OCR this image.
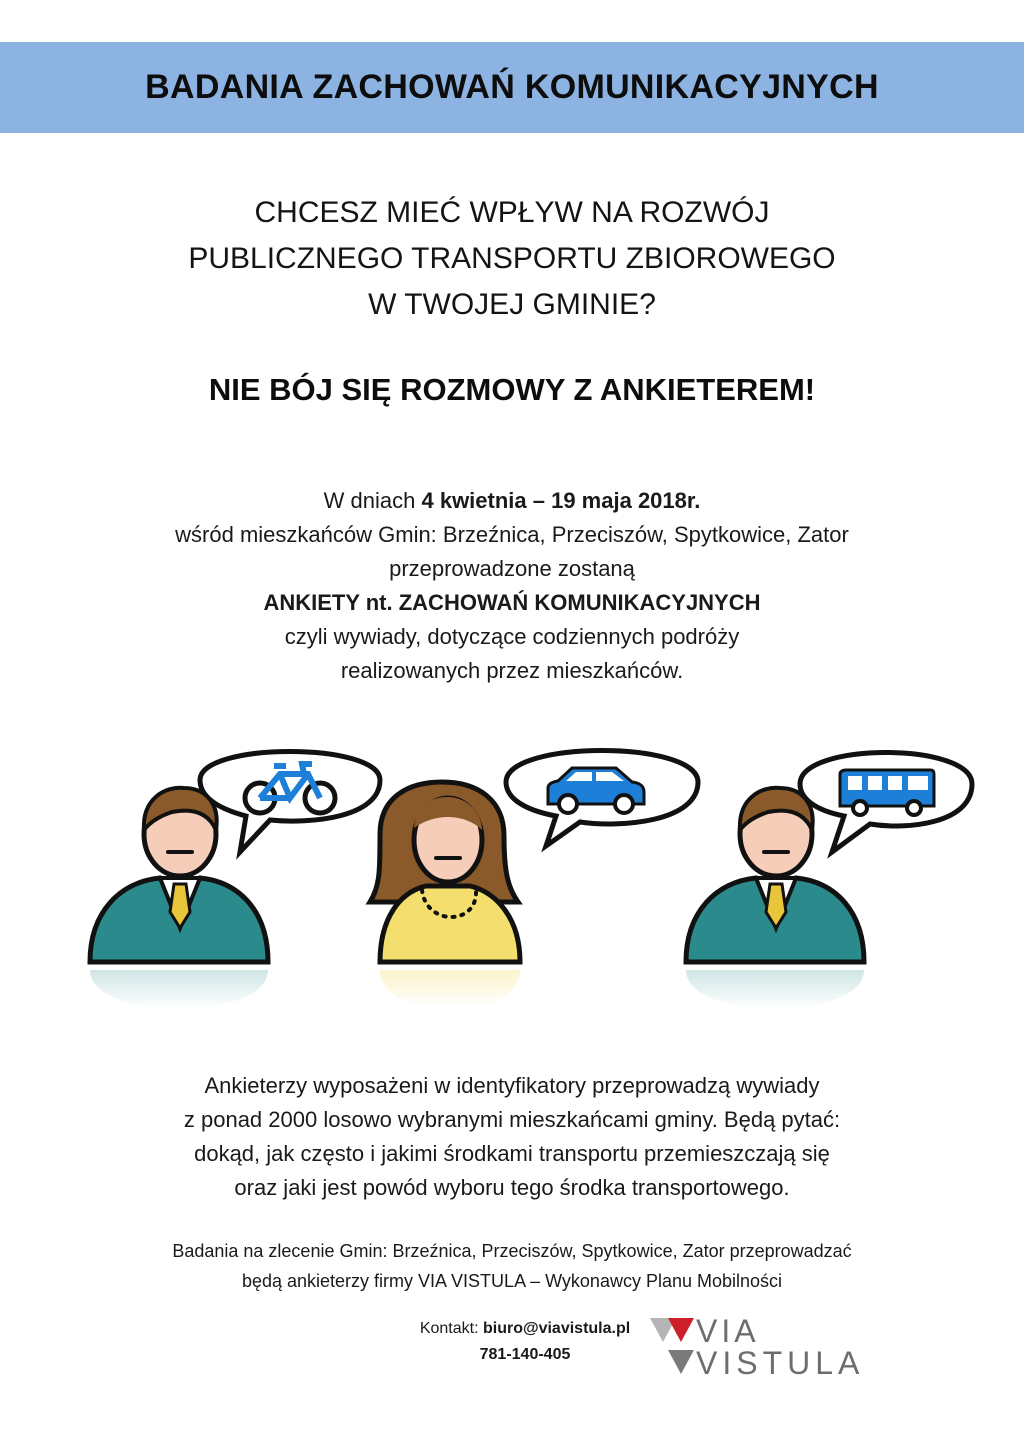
BADANIA ZACHOWAŃ KOMUNIKACYJNYCH
CHCESZ MIEĆ WPŁYW NA ROZWÓJ
PUBLICZNEGO TRANSPORTU ZBIOROWEGO
W TWOJEJ GMINIE?
NIE BÓJ SIĘ ROZMOWY Z ANKIETEREM!
W dniach 4 kwietnia – 19 maja 2018r.
wśród mieszkańców Gmin: Brzeźnica, Przeciszów, Spytkowice, Zator
przeprowadzone zostaną
ANKIETY nt. ZACHOWAŃ KOMUNIKACYJNYCH
czyli wywiady, dotyczące codziennych podróży
realizowanych przez mieszkańców.
Ankieterzy wyposażeni w identyfikatory przeprowadzą wywiady
z ponad 2000 losowo wybranymi mieszkańcami gminy. Będą pytać:
dokąd, jak często i jakimi środkami transportu przemieszczają się
oraz jaki jest powód wyboru tego środka transportowego.
Badania na zlecenie Gmin: Brzeźnica, Przeciszów, Spytkowice, Zator przeprowadzać
będą ankieterzy firmy VIA VISTULA – Wykonawcy Planu Mobilności
Kontakt: biuro@viavistula.pl
781-140-405
VIA
VISTULA
